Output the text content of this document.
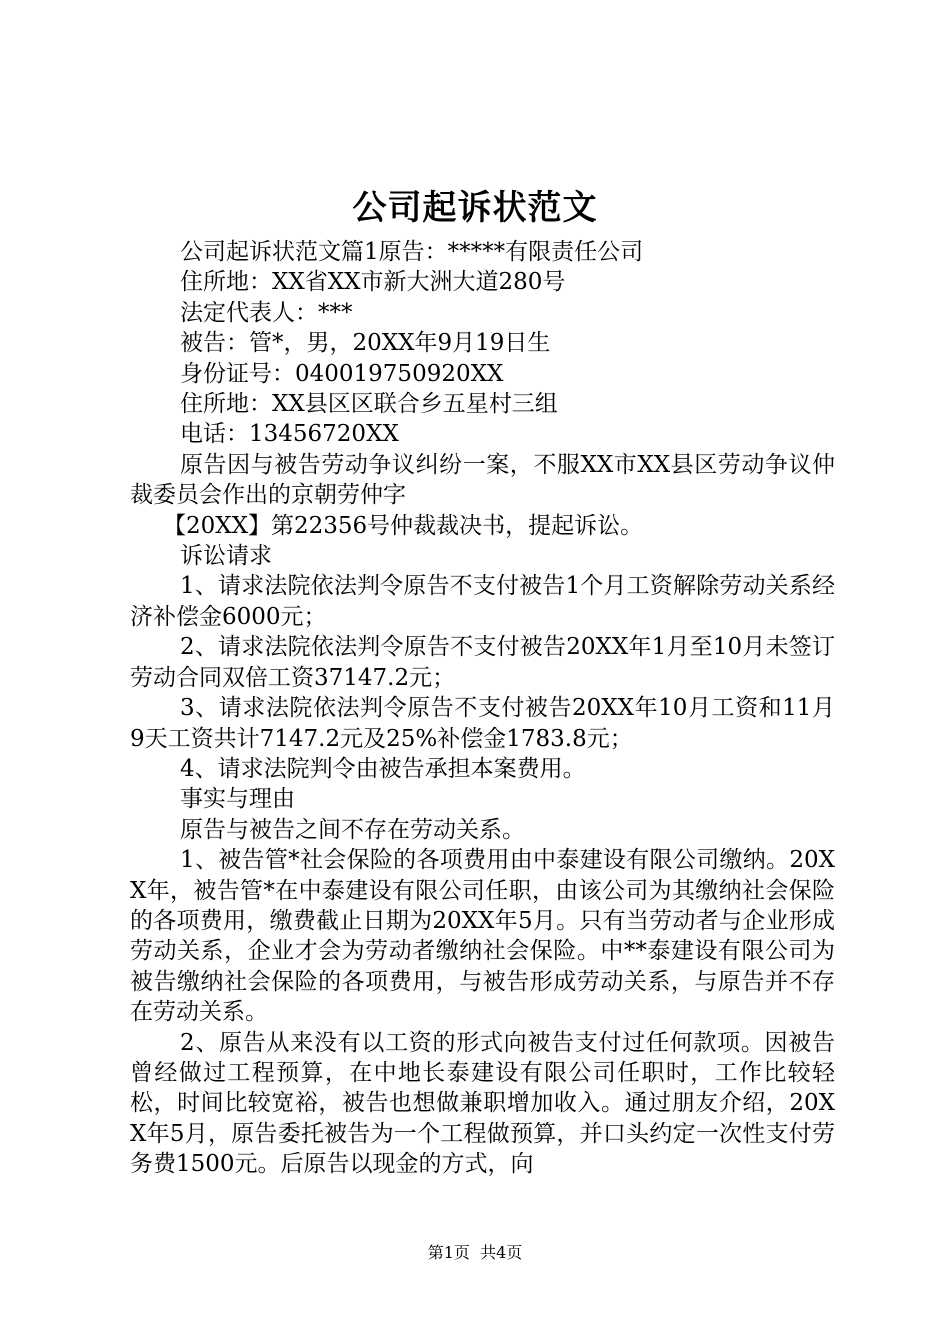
公司起诉状范文

公司起诉状范文篇1原告：*****有限责任公司

住所地：XX省XX市新大洲大道280号

法定代表人：***

被告：管*，男，20XX年9月19日生

身份证号：040019750920XX

住所地：XX县区区联合乡五星村三组

电话：13456720XX

原告因与被告劳动争议纠纷一案，不服XX市XX县区劳动争议仲裁委员会作出的京朝劳仲字

【20XX】第22356号仲裁裁决书，提起诉讼。

诉讼请求

1、请求法院依法判令原告不支付被告1个月工资解除劳动关系经济补偿金6000元；

2、请求法院依法判令原告不支付被告20XX年1月至10月未签订劳动合同双倍工资37147.2元；

3、请求法院依法判令原告不支付被告20XX年10月工资和11月9天工资共计7147.2元及25%补偿金1783.8元；

4、请求法院判令由被告承担本案费用。

事实与理由

原告与被告之间不存在劳动关系。

1、被告管*社会保险的各项费用由中泰建设有限公司缴纳。20XX年，被告管*在中泰建设有限公司任职，由该公司为其缴纳社会保险的各项费用，缴费截止日期为20XX年5月。只有当劳动者与企业形成劳动关系，企业才会为劳动者缴纳社会保险。中**泰建设有限公司为被告缴纳社会保险的各项费用，与被告形成劳动关系，与原告并不存在劳动关系。

2、原告从来没有以工资的形式向被告支付过任何款项。因被告曾经做过工程预算，在中地长泰建设有限公司任职时，工作比较轻松，时间比较宽裕，被告也想做兼职增加收入。通过朋友介绍，20XX年5月，原告委托被告为一个工程做预算，并口头约定一次性支付劳务费1500元。后原告以现金的方式，向

第1页  共4页
